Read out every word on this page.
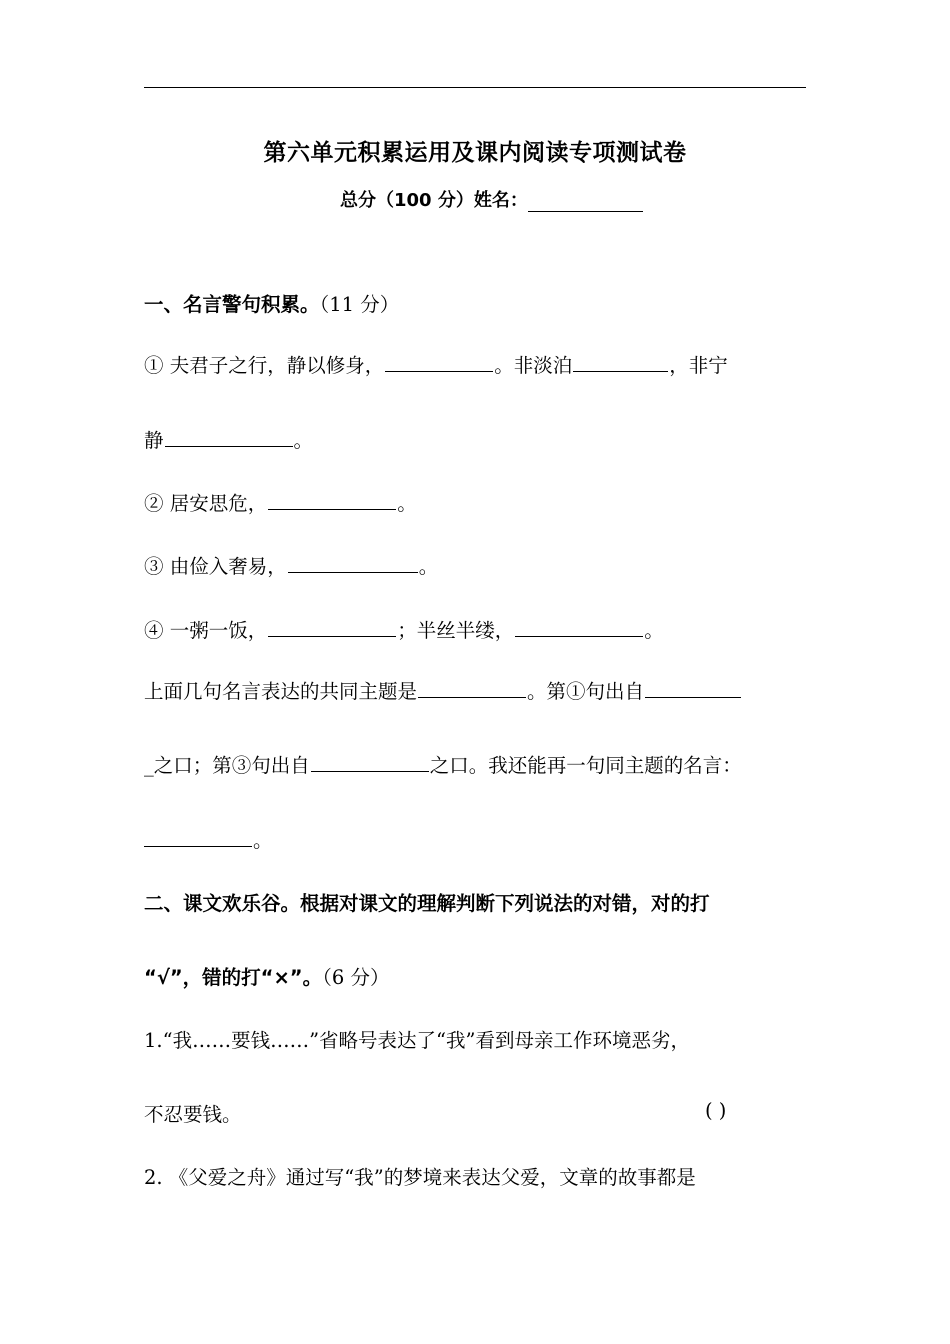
第六单元积累运用及课内阅读专项测试卷
总分（100 分）姓名：
一、名言警句积累。（11 分）
① 夫君子之行，静以修身，	。非淡泊	，非宁
静	。
② 居安思危，	。
③ 由俭入奢易，	。
④ 一粥一饭，	；半丝半缕，	。
上面几句名言表达的共同主题是	。第①句出自
_之口；第③句出自	之口。我还能再一句同主题的名言：
。
二、课文欢乐谷。根据对课文的理解判断下列说法的对错，对的打
“√”，错的打“×”。（6 分）
1.“我……要钱……”省略号表达了“我”看到母亲工作环境恶劣，
不忍要钱。	( )
2. 《父爱之舟》通过写“我”的梦境来表达父爱，文章的故事都是
